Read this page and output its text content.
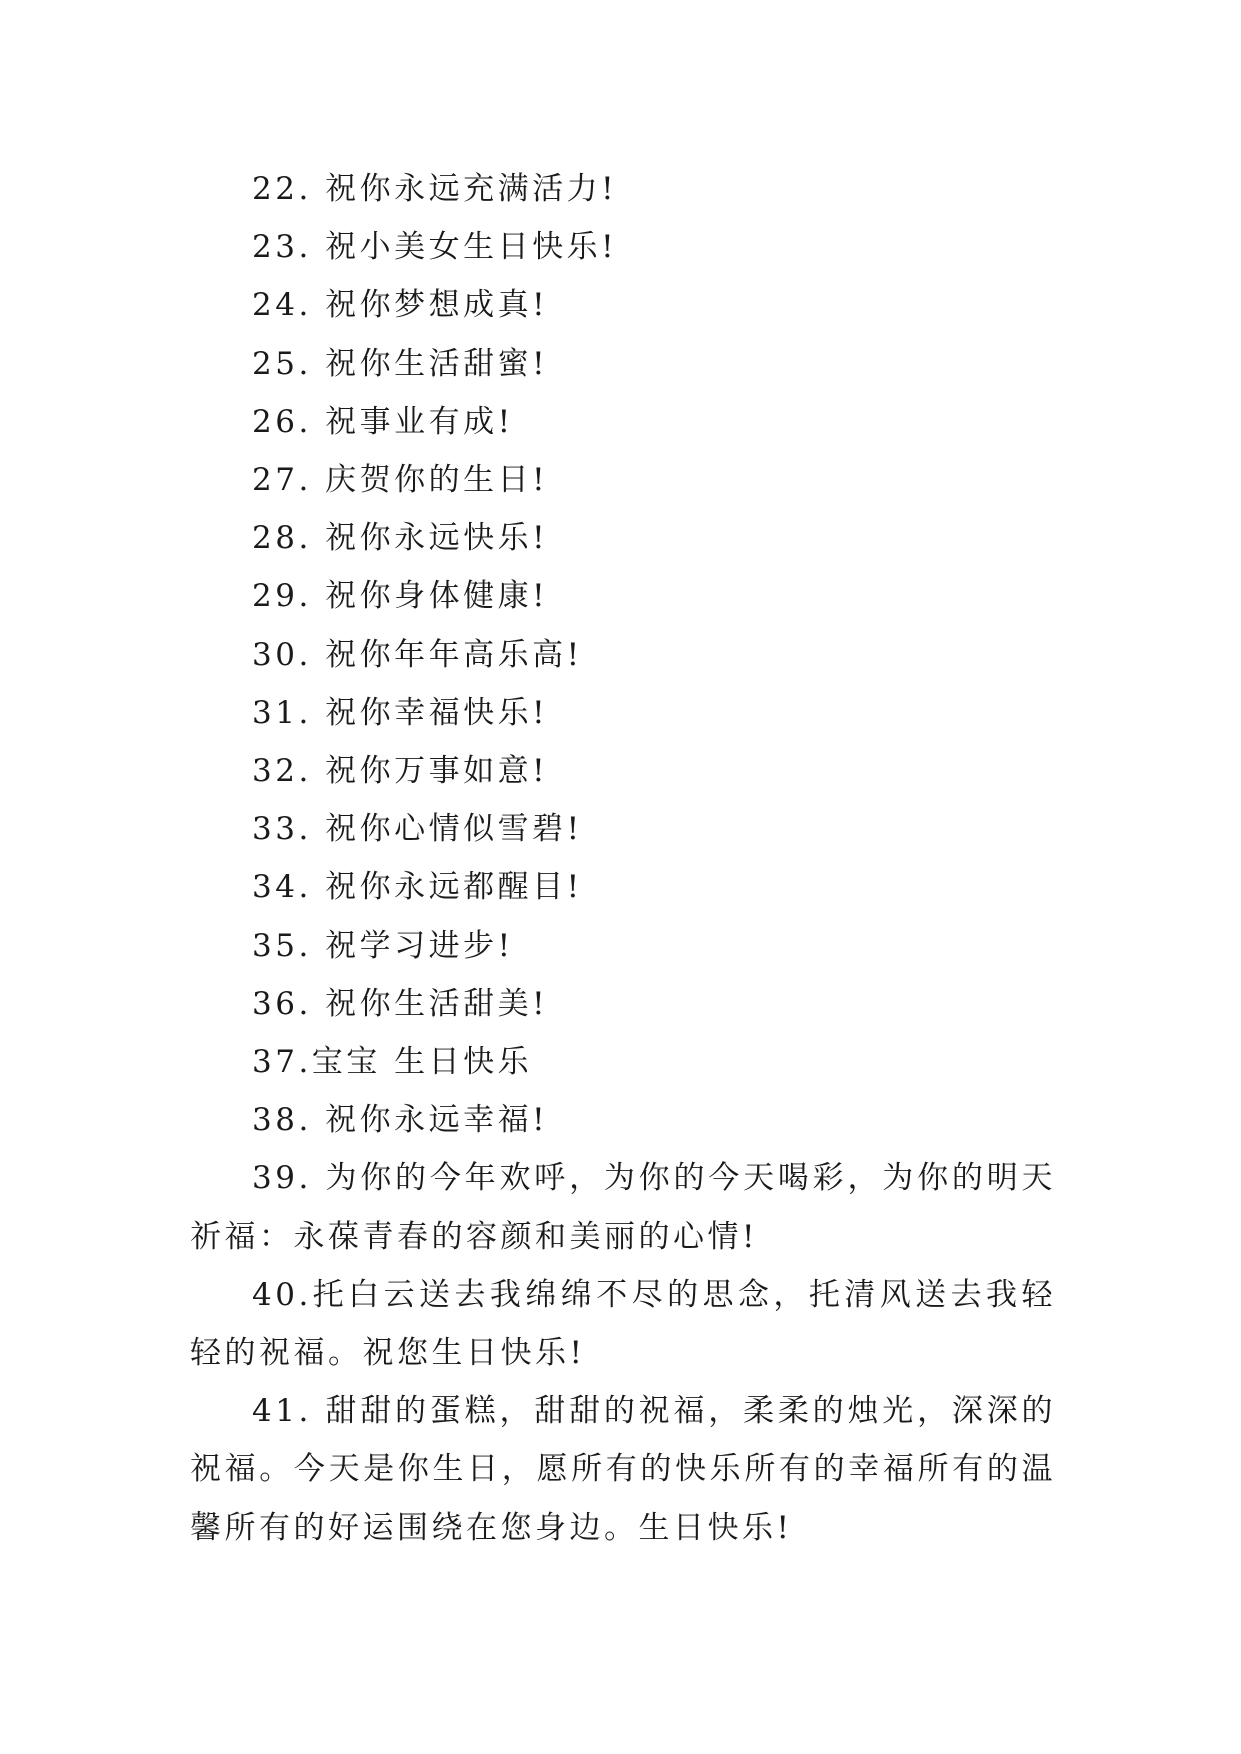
22. 祝你永远充满活力!

23. 祝小美女生日快乐!

24. 祝你梦想成真!

25. 祝你生活甜蜜!

26. 祝事业有成!

27. 庆贺你的生日!

28. 祝你永远快乐!

29. 祝你身体健康!

30. 祝你年年高乐高!

31. 祝你幸福快乐!

32. 祝你万事如意!

33. 祝你心情似雪碧!

34. 祝你永远都醒目!

35. 祝学习进步!

36. 祝你生活甜美!

37.宝宝 生日快乐

38. 祝你永远幸福!

39. 为你的今年欢呼，为你的今天喝彩，为你的明天祈福：永葆青春的容颜和美丽的心情!

40.托白云送去我绵绵不尽的思念，托清风送去我轻轻的祝福。祝您生日快乐!

41. 甜甜的蛋糕，甜甜的祝福，柔柔的烛光，深深的祝福。今天是你生日，愿所有的快乐所有的幸福所有的温馨所有的好运围绕在您身边。生日快乐!
